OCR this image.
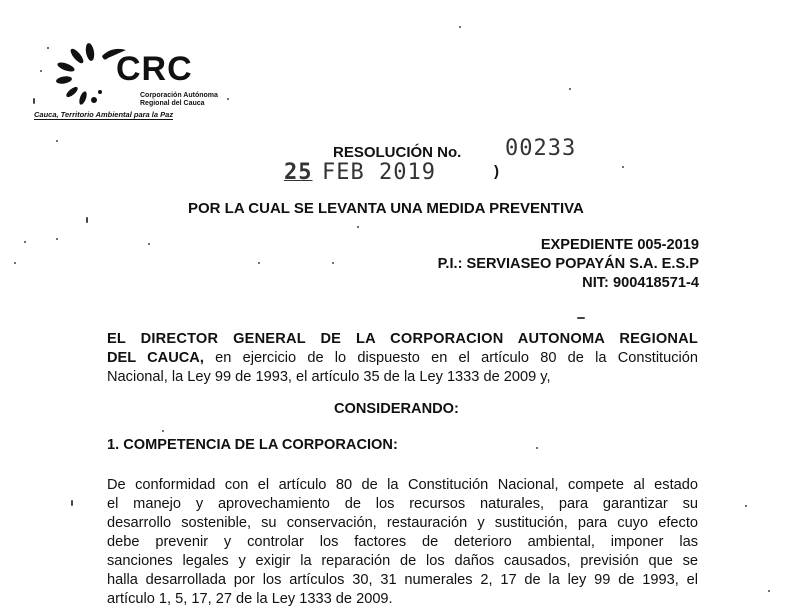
CRC
Corporación Autónoma
Regional del Cauca
Cauca, Territorio Ambiental para la Paz
RESOLUCIÓN No. 00233
25 FEB 2019	)
POR LA CUAL SE LEVANTA UNA MEDIDA PREVENTIVA
EXPEDIENTE 005-2019
P.I.: SERVIASEO POPAYÁN S.A. E.S.P
NIT: 900418571-4
EL DIRECTOR GENERAL DE LA CORPORACION AUTONOMA REGIONAL
DEL CAUCA, en ejercicio de lo dispuesto en el artículo 80 de la Constitución
Nacional, la Ley 99 de 1993, el artículo 35 de la Ley 1333 de 2009 y,
CONSIDERANDO:
1. COMPETENCIA DE LA CORPORACION:
De conformidad con el artículo 80 de la Constitución Nacional, compete al estado
el manejo y aprovechamiento de los recursos naturales, para garantizar su
desarrollo sostenible, su conservación, restauración y sustitución, para cuyo efecto
debe prevenir y controlar los factores de deterioro ambiental, imponer las
sanciones legales y exigir la reparación de los daños causados, previsión que se
halla desarrollada por los artículos 30, 31 numerales 2, 17 de la ley 99 de 1993, el
artículo 1, 5, 17, 27 de la Ley 1333 de 2009.
